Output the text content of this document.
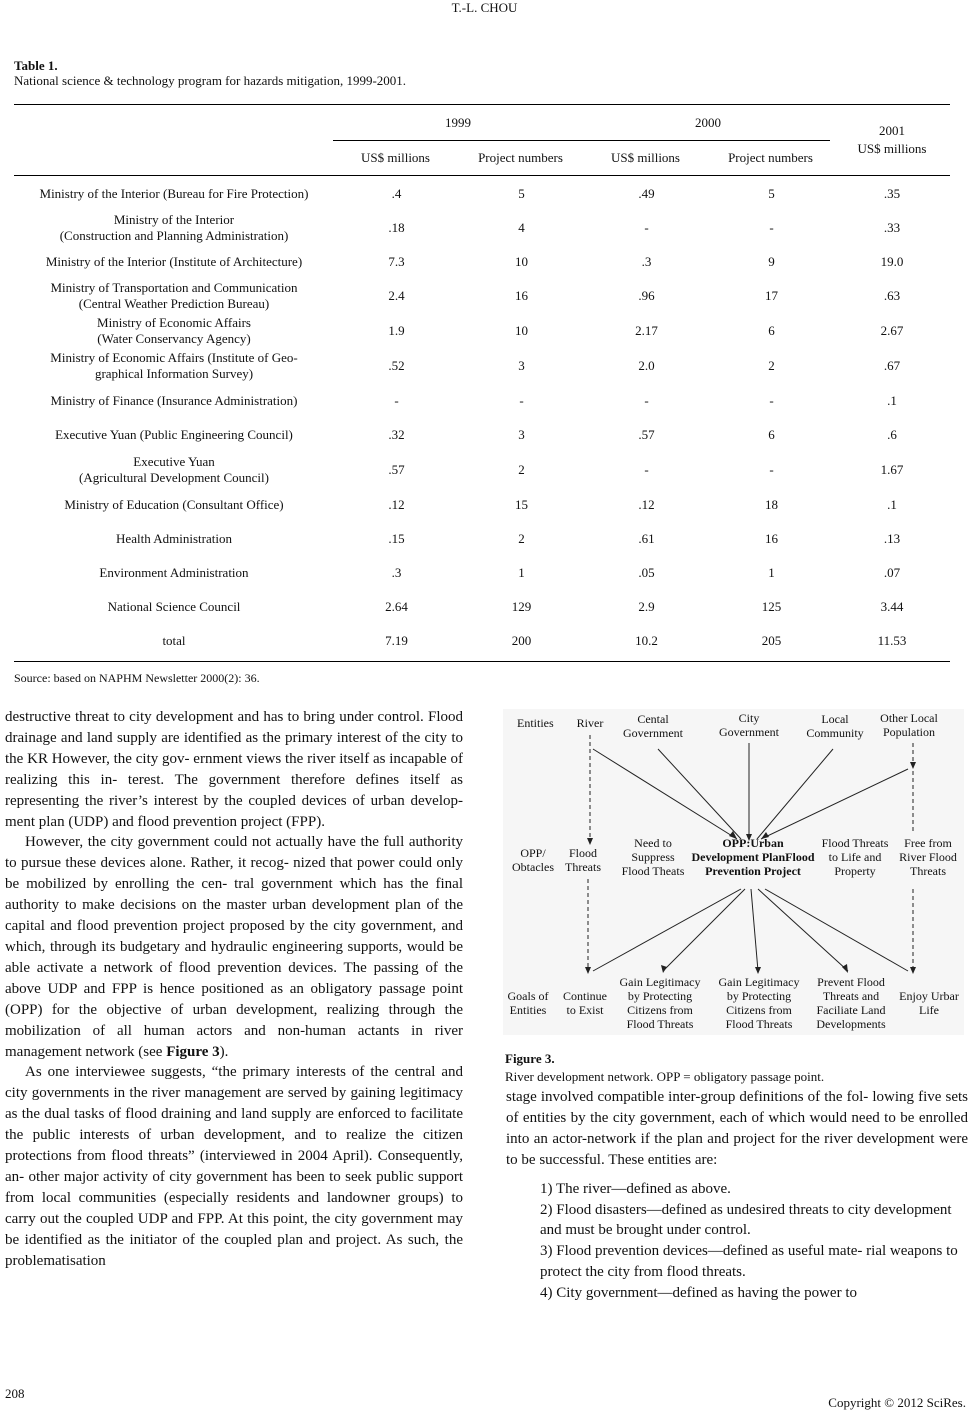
T.-L. CHOU
Table 1.
National science & technology program for hazards mitigation, 1999-2001.
1999	2000
2001
US$ millions
US$ millions	Project numbers	US$ millions	Project numbers
Ministry of the Interior (Bureau for Fire Protection)	.4	5	.49	5	.35

Ministry of the Interior
(Construction and Planning Administration)	.18	4	-	-	.33

Ministry of the Interior (Institute of Architecture)	7.3	10	.3	9	19.0

Ministry of Transportation and Communication
(Central Weather Prediction Bureau)	2.4	16	.96	17	.63

Ministry of Economic Affairs
(Water Conservancy Agency)	1.9	10	2.17	6	2.67

Ministry of Economic Affairs (Institute of Geo-
graphical Information Survey)	.52	3	2.0	2	.67

Ministry of Finance (Insurance Administration)	-	-	-	-	.1

Executive Yuan (Public Engineering Council)	.32	3	.57	6	.6

Executive Yuan
(Agricultural Development Council)	.57	2	-	-	1.67

Ministry of Education (Consultant Office)	.12	15	.12	18	.1

Health Administration	.15	2	.61	16	.13

Environment Administration	.3	1	.05	1	.07

National Science Council	2.64	129	2.9	125	3.44

total	7.19	200	10.2	205	11.53
Source: based on NAPHM Newsletter 2000(2): 36.

destructive threat to city development and has to bring under control. Flood drainage and land supply are identified as the primary interest of the city to the KR However, the city gov- ernment views the river itself as incapable of realizing this in- terest. The government therefore defines itself as representing the river’s interest by the coupled devices of urban develop- ment plan (UDP) and flood prevention project (FPP).

However, the city government could not actually have the full authority to pursue these devices alone. Rather, it recog- nized that power could only be mobilized by enrolling the cen- tral government which has the final authority to make decisions on the master urban development plan of the capital and flood prevention project proposed by the city government, and which, through its budgetary and hydraulic engineering supports, would be able activate a network of flood prevention devices. The passing of the above UDP and FPP is hence positioned as an obligatory passage point (OPP) for the objective of urban development, realizing through the mobilization of all human actors and non-human actants in river management network (see Figure 3).

As one interviewee suggests, “the primary interests of the central and city governments in the river management are served by gaining legitimacy as the dual tasks of flood draining and land supply are enforced to facilitate the public interests of urban development, and to realize the citizen protections from flood threats” (interviewed in 2004 April). Consequently, an- other major activity of city government has been to seek public support from local communities (especially residents and landowner groups) to carry out the coupled UDP and FPP. At this point, the city government may be identified as the initiator of the coupled plan and project. As such, the problematisation

Entities River	Cental Government
City Government
Local Community
Other Local Population
OPP/ Obtacles
Flood Threats
Need to Suppress Flood Theats
OPP:Urban Development PlanFlood Prevention Project
Flood Threats to Life and Property
Free from River Flood Threats
Goals of Entities
Continue to Exist
Gain Legitimacy by Protecting Citizens from Flood Threats
Gain Legitimacy by Protecting Citizens from Flood Threats
Prevent Flood Threats and Faciliate Land Developments
Enjoy Urbar Life
Figure 3.
River development network. OPP = obligatory passage point.

stage involved compatible inter-group definitions of the fol- lowing five sets of entities by the city government, each of which would need to be enrolled into an actor-network if the plan and project for the river development were to be successful. These entities are:

1) The river—defined as above.

2) Flood disasters—defined as undesired threats to city development and must be brought under control.

3) Flood prevention devices—defined as useful mate- rial weapons to protect the city from flood threats.

4) City government—defined as having the power to

208
Copyright © 2012 SciRes.
